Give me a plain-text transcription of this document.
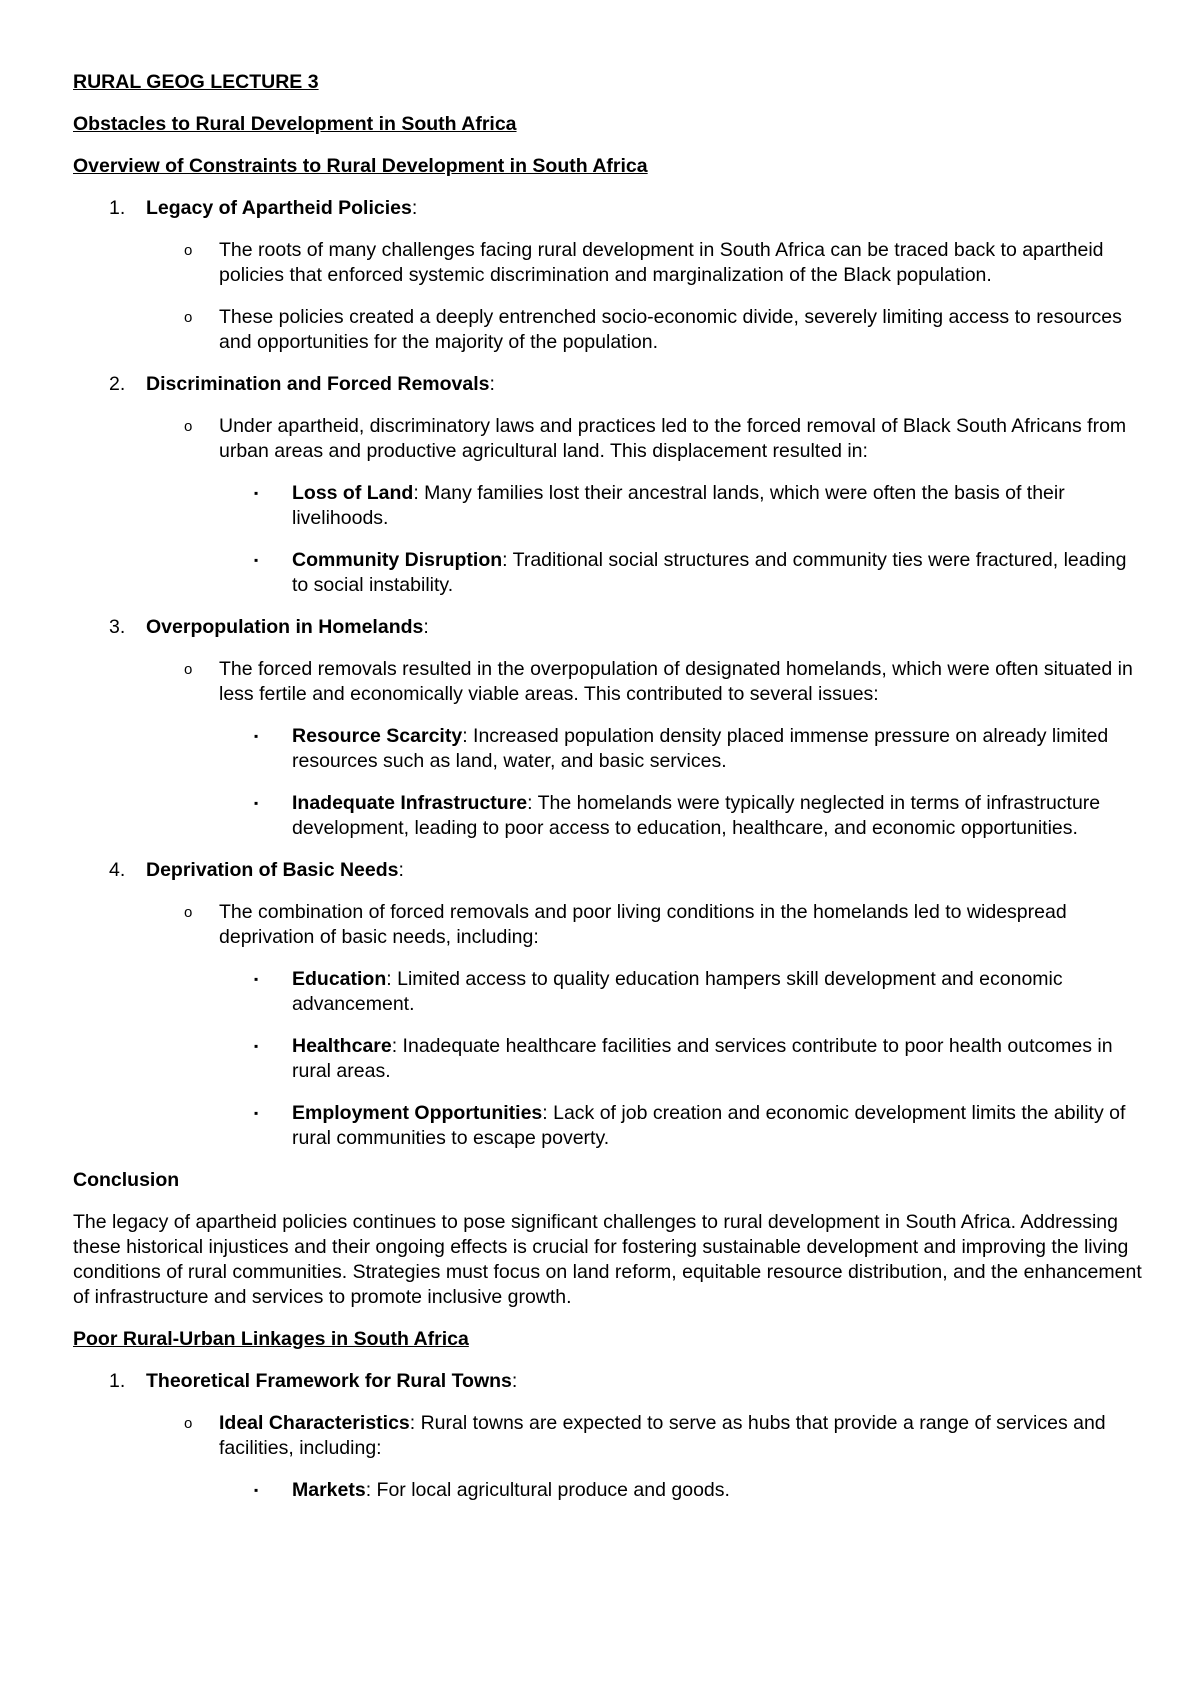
RURAL GEOG LECTURE 3
Obstacles to Rural Development in South Africa
Overview of Constraints to Rural Development in South Africa
1. Legacy of Apartheid Policies:
o The roots of many challenges facing rural development in South Africa can be traced back to apartheid policies that enforced systemic discrimination and marginalization of the Black population.
o These policies created a deeply entrenched socio-economic divide, severely limiting access to resources and opportunities for the majority of the population.
2. Discrimination and Forced Removals:
o Under apartheid, discriminatory laws and practices led to the forced removal of Black South Africans from urban areas and productive agricultural land. This displacement resulted in:
▪ Loss of Land: Many families lost their ancestral lands, which were often the basis of their livelihoods.
▪ Community Disruption: Traditional social structures and community ties were fractured, leading to social instability.
3. Overpopulation in Homelands:
o The forced removals resulted in the overpopulation of designated homelands, which were often situated in less fertile and economically viable areas. This contributed to several issues:
▪ Resource Scarcity: Increased population density placed immense pressure on already limited resources such as land, water, and basic services.
▪ Inadequate Infrastructure: The homelands were typically neglected in terms of infrastructure development, leading to poor access to education, healthcare, and economic opportunities.
4. Deprivation of Basic Needs:
o The combination of forced removals and poor living conditions in the homelands led to widespread deprivation of basic needs, including:
▪ Education: Limited access to quality education hampers skill development and economic advancement.
▪ Healthcare: Inadequate healthcare facilities and services contribute to poor health outcomes in rural areas.
▪ Employment Opportunities: Lack of job creation and economic development limits the ability of rural communities to escape poverty.
Conclusion
The legacy of apartheid policies continues to pose significant challenges to rural development in South Africa. Addressing these historical injustices and their ongoing effects is crucial for fostering sustainable development and improving the living conditions of rural communities. Strategies must focus on land reform, equitable resource distribution, and the enhancement of infrastructure and services to promote inclusive growth.
Poor Rural-Urban Linkages in South Africa
1. Theoretical Framework for Rural Towns:
o Ideal Characteristics: Rural towns are expected to serve as hubs that provide a range of services and facilities, including:
▪ Markets: For local agricultural produce and goods.
